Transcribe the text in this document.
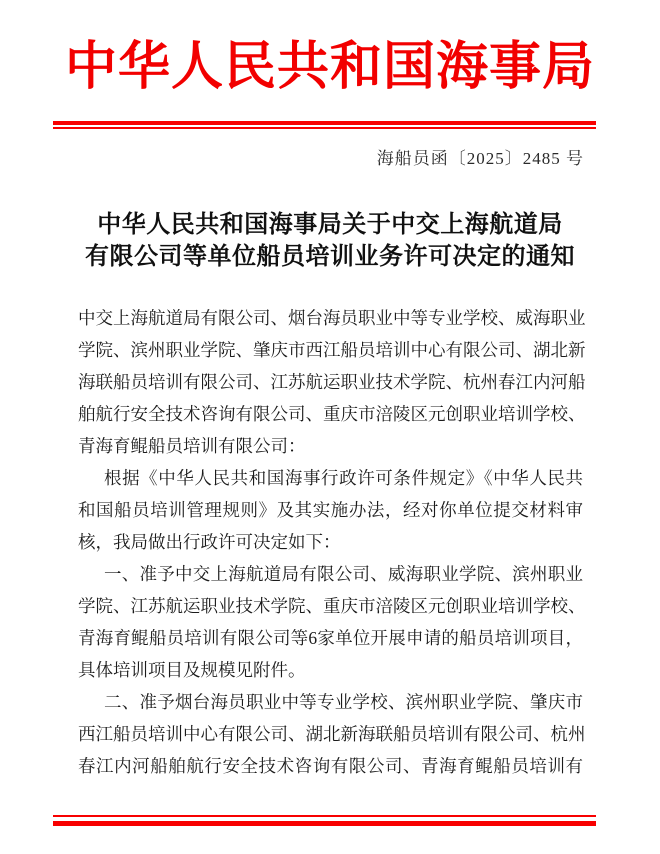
中华人民共和国海事局
海船员函〔2025〕2485 号
中华人民共和国海事局关于中交上海航道局
有限公司等单位船员培训业务许可决定的通知
中交上海航道局有限公司、烟台海员职业中等专业学校、威海职业
学院、滨州职业学院、肇庆市西江船员培训中心有限公司、湖北新
海联船员培训有限公司、江苏航运职业技术学院、杭州春江内河船
舶航行安全技术咨询有限公司、重庆市涪陵区元创职业培训学校、
青海育鲲船员培训有限公司：
根据《中华人民共和国海事行政许可条件规定》《中华人民共
和国船员培训管理规则》及其实施办法，经对你单位提交材料审
核，我局做出行政许可决定如下：
一、准予中交上海航道局有限公司、威海职业学院、滨州职业
学院、江苏航运职业技术学院、重庆市涪陵区元创职业培训学校、
青海育鲲船员培训有限公司等6家单位开展申请的船员培训项目，
具体培训项目及规模见附件。
二、准予烟台海员职业中等专业学校、滨州职业学院、肇庆市
西江船员培训中心有限公司、湖北新海联船员培训有限公司、杭州
春江内河船舶航行安全技术咨询有限公司、青海育鲲船员培训有
